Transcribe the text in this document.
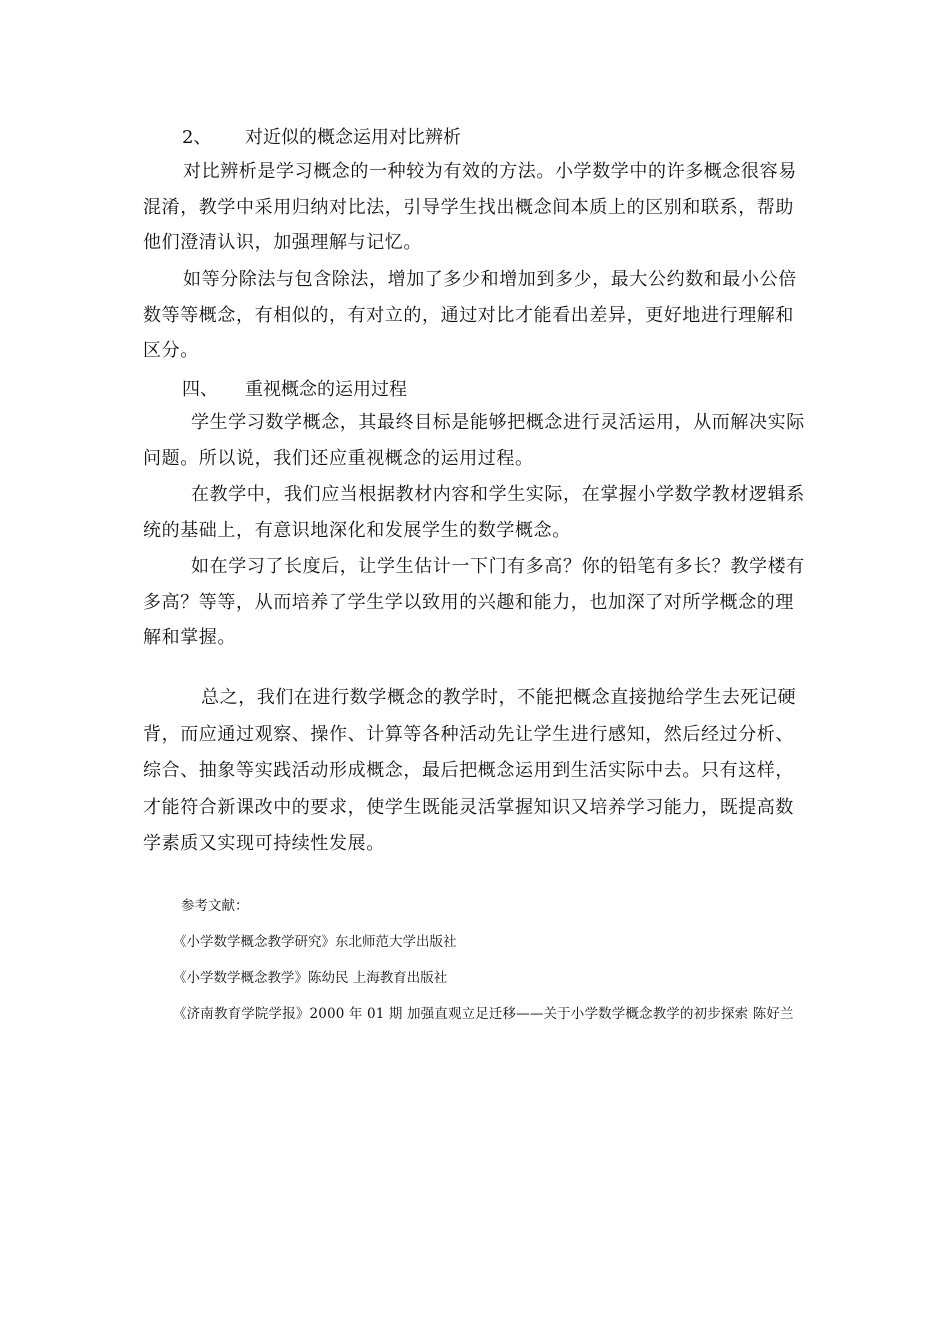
2、 对近似的概念运用对比辨析

对比辨析是学习概念的一种较为有效的方法。小学数学中的许多概念很容易混淆，教学中采用归纳对比法，引导学生找出概念间本质上的区别和联系，帮助他们澄清认识，加强理解与记忆。

如等分除法与包含除法，增加了多少和增加到多少，最大公约数和最小公倍数等等概念，有相似的，有对立的，通过对比才能看出差异，更好地进行理解和区分。

四、 重视概念的运用过程

学生学习数学概念，其最终目标是能够把概念进行灵活运用，从而解决实际问题。所以说，我们还应重视概念的运用过程。

在教学中，我们应当根据教材内容和学生实际，在掌握小学数学教材逻辑系统的基础上，有意识地深化和发展学生的数学概念。

如在学习了长度后，让学生估计一下门有多高？你的铅笔有多长？教学楼有多高？等等，从而培养了学生学以致用的兴趣和能力，也加深了对所学概念的理解和掌握。

总之，我们在进行数学概念的教学时，不能把概念直接抛给学生去死记硬背，而应通过观察、操作、计算等各种活动先让学生进行感知，然后经过分析、综合、抽象等实践活动形成概念，最后把概念运用到生活实际中去。只有这样，才能符合新课改中的要求，使学生既能灵活掌握知识又培养学习能力，既提高数学素质又实现可持续性发展。

参考文献：

《小学数学概念教学研究》东北师范大学出版社

《小学数学概念教学》陈幼民 上海教育出版社

《济南教育学院学报》2000 年 01 期 加强直观立足迁移——关于小学数学概念教学的初步探索 陈好兰
